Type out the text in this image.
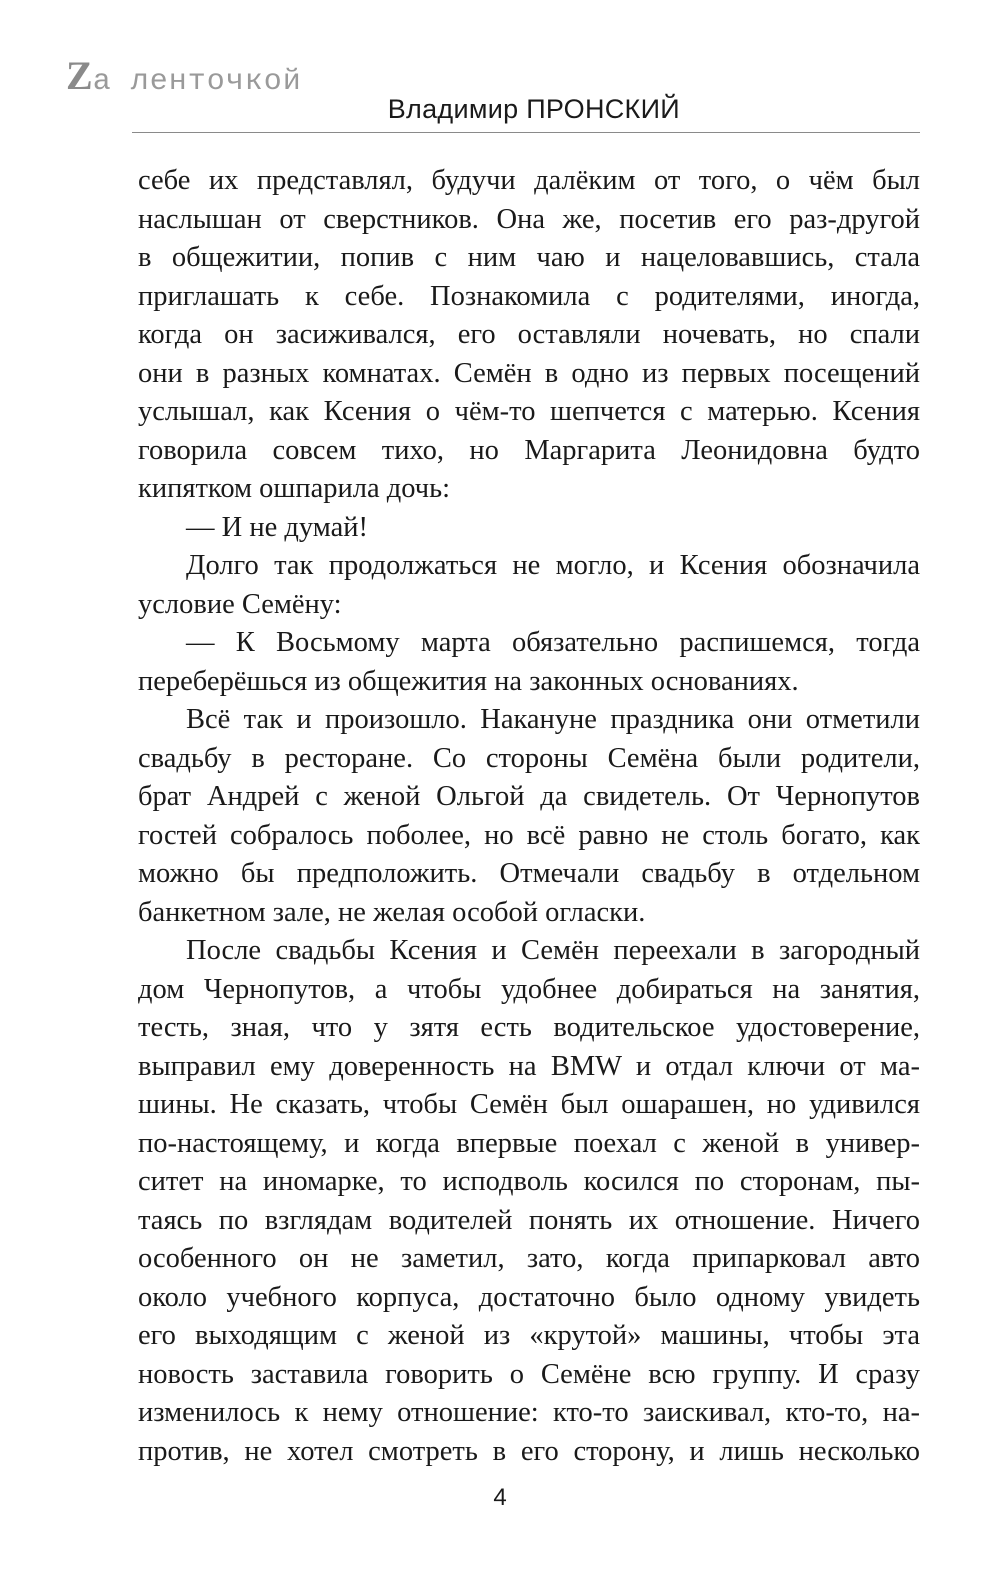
Za ленточкой
Владимир ПРОНСКИЙ
себе их представлял, будучи далёким от того, о чём был
наслышан от сверстников. Она же, посетив его раз-другой
в общежитии, попив с ним чаю и нацеловавшись, стала
приглашать к себе. Познакомила с родителями, иногда,
когда он засиживался, его оставляли ночевать, но спали
они в разных комнатах. Семён в одно из первых посещений
услышал, как Ксения о чём-то шепчется с матерью. Ксения
говорила совсем тихо, но Маргарита Леонидовна будто
кипятком ошпарила дочь:
— И не думай!
Долго так продолжаться не могло, и Ксения обозначила
условие Семёну:
— К Восьмому марта обязательно распишемся, тогда
переберёшься из общежития на законных основаниях.
Всё так и произошло. Накануне праздника они отметили
свадьбу в ресторане. Со стороны Семёна были родители,
брат Андрей с женой Ольгой да свидетель. От Чернопутов
гостей собралось поболее, но всё равно не столь богато, как
можно бы предположить. Отмечали свадьбу в отдельном
банкетном зале, не желая особой огласки.
После свадьбы Ксения и Семён переехали в загородный
дом Чернопутов, а чтобы удобнее добираться на занятия,
тесть, зная, что у зятя есть водительское удостоверение,
выправил ему доверенность на BMW и отдал ключи от ма-
шины. Не сказать, чтобы Семён был ошарашен, но удивился
по-настоящему, и когда впервые поехал с женой в универ-
ситет на иномарке, то исподволь косился по сторонам, пы-
таясь по взглядам водителей понять их отношение. Ничего
особенного он не заметил, зато, когда припарковал авто
около учебного корпуса, достаточно было одному увидеть
его выходящим с женой из «крутой» машины, чтобы эта
новость заставила говорить о Семёне всю группу. И сразу
изменилось к нему отношение: кто-то заискивал, кто-то, на-
против, не хотел смотреть в его сторону, и лишь несколько
4
